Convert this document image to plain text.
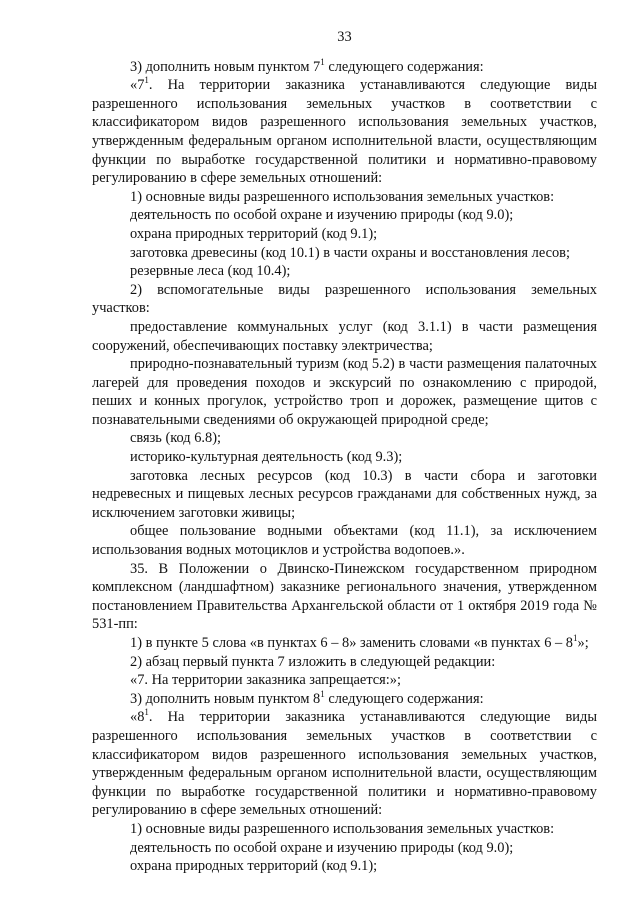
33

3) дополнить новым пунктом $7^1$ следующего содержания:

«$7^1$. На территории заказника устанавливаются следующие виды разрешенного использования земельных участков в соответствии с классификатором видов разрешенного использования земельных участков, утвержденным федеральным органом исполнительной власти, осуществляющим функции по выработке государственной политики и нормативно-правовому регулированию в сфере земельных отношений:

1) основные виды разрешенного использования земельных участков:

деятельность по особой охране и изучению природы (код 9.0);

охрана природных территорий (код 9.1);

заготовка древесины (код 10.1) в части охраны и восстановления лесов;

резервные леса (код 10.4);

2) вспомогательные виды разрешенного использования земельных участков:

предоставление коммунальных услуг (код 3.1.1) в части размещения сооружений, обеспечивающих поставку электричества;

природно-познавательный туризм (код 5.2) в части размещения палаточных лагерей для проведения походов и экскурсий по ознакомлению с природой, пеших и конных прогулок, устройство троп и дорожек, размещение щитов с познавательными сведениями об окружающей природной среде;

связь (код 6.8);

историко-культурная деятельность (код 9.3);

заготовка лесных ресурсов (код 10.3) в части сбора и заготовки недревесных и пищевых лесных ресурсов гражданами для собственных нужд, за исключением заготовки живицы;

общее пользование водными объектами (код 11.1), за исключением использования водных мотоциклов и устройства водопоев.».

35. В Положении о Двинско-Пинежском государственном природном комплексном (ландшафтном) заказнике регионального значения, утвержденном постановлением Правительства Архангельской области от 1 октября 2019 года № 531-пп:

1) в пункте 5 слова «в пунктах 6 – 8» заменить словами «в пунктах $6 - 8^1$»;

2) абзац первый пункта 7 изложить в следующей редакции:

«7. На территории заказника запрещается:»;

3) дополнить новым пунктом $8^1$ следующего содержания:

«$8^1$. На территории заказника устанавливаются следующие виды разрешенного использования земельных участков в соответствии с классификатором видов разрешенного использования земельных участков, утвержденным федеральным органом исполнительной власти, осуществляющим функции по выработке государственной политики и нормативно-правовому регулированию в сфере земельных отношений:

1) основные виды разрешенного использования земельных участков:

деятельность по особой охране и изучению природы (код 9.0);

охрана природных территорий (код 9.1);
